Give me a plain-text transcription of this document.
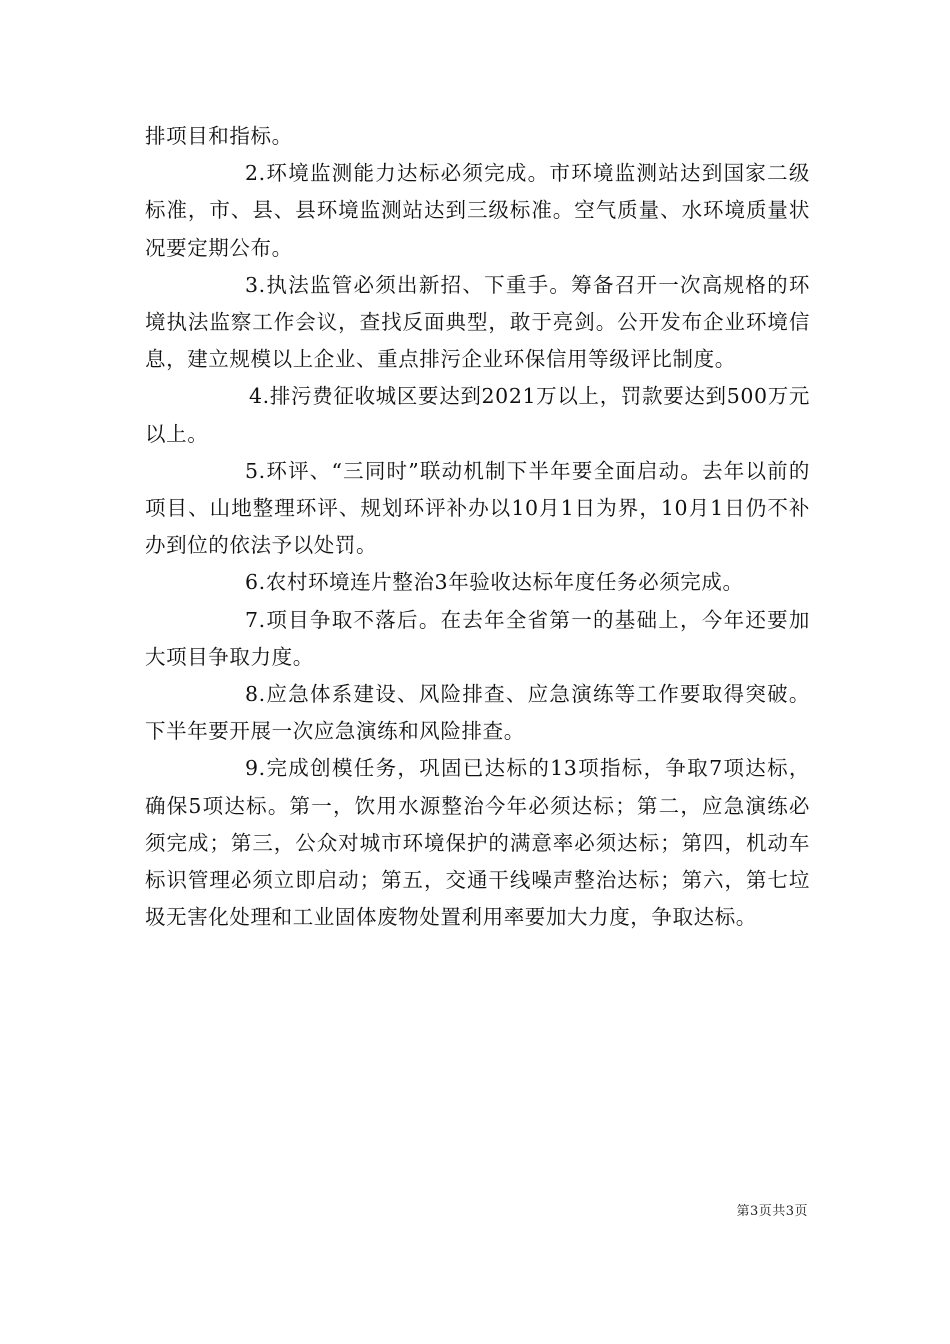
排项目和指标。

2.环境监测能力达标必须完成。市环境监测站达到国家二级标准，市、县、县环境监测站达到三级标准。空气质量、水环境质量状况要定期公布。

3.执法监管必须出新招、下重手。筹备召开一次高规格的环境执法监察工作会议，查找反面典型，敢于亮剑。公开发布企业环境信息，建立规模以上企业、重点排污企业环保信用等级评比制度。

4.排污费征收城区要达到2021万以上，罚款要达到500万元以上。

5.环评、“三同时”联动机制下半年要全面启动。去年以前的项目、山地整理环评、规划环评补办以10月1日为界，10月1日仍不补办到位的依法予以处罚。

6.农村环境连片整治3年验收达标年度任务必须完成。

7.项目争取不落后。在去年全省第一的基础上，今年还要加大项目争取力度。

8.应急体系建设、风险排查、应急演练等工作要取得突破。下半年要开展一次应急演练和风险排查。

9.完成创模任务，巩固已达标的13项指标，争取7项达标，确保5项达标。第一，饮用水源整治今年必须达标；第二，应急演练必须完成；第三，公众对城市环境保护的满意率必须达标；第四，机动车标识管理必须立即启动；第五，交通干线噪声整治达标；第六，第七垃圾无害化处理和工业固体废物处置利用率要加大力度，争取达标。

第3页共3页
